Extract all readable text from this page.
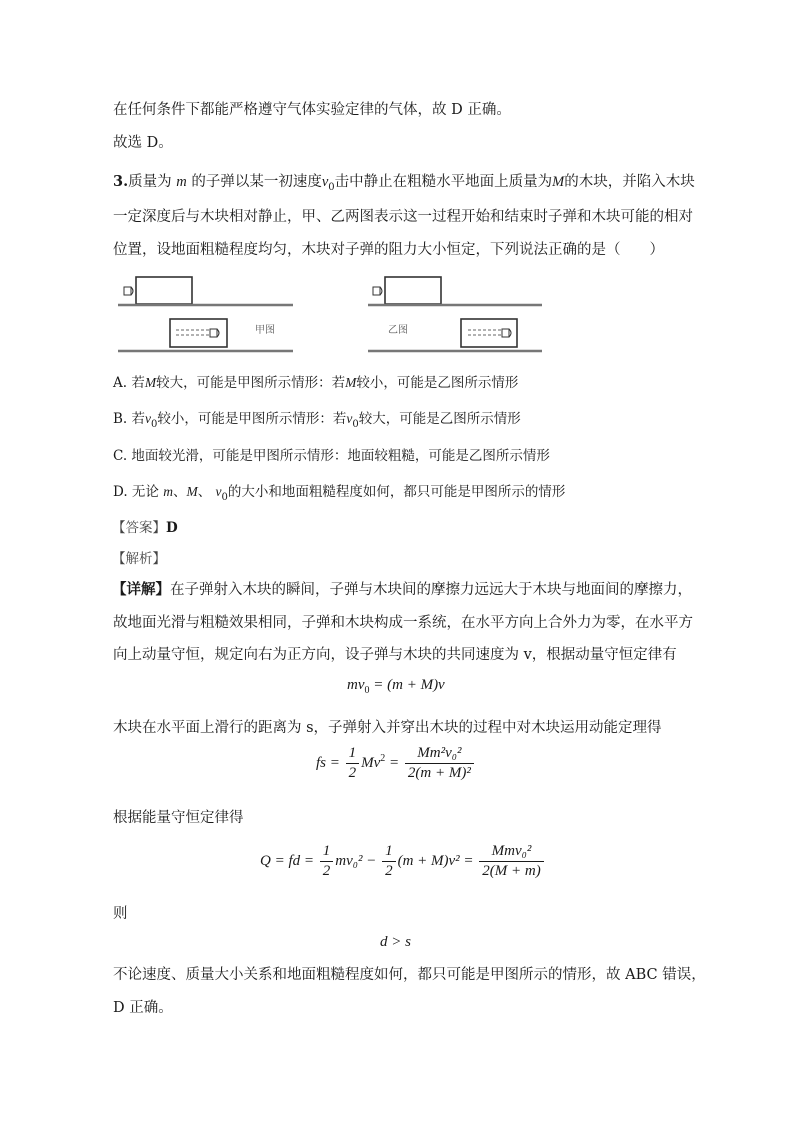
在任何条件下都能严格遵守气体实验定律的气体，故 D 正确。
故选 D。
3.质量为 m 的子弹以某一初速度$v_0$击中静止在粗糙水平地面上质量为M的木块，并陷入木块
一定深度后与木块相对静止，甲、乙两图表示这一过程开始和结束时子弹和木块可能的相对
位置，设地面粗糙程度均匀，木块对子弹的阻力大小恒定，下列说法正确的是（　　）
甲图	乙图
A. 若M较大，可能是甲图所示情形：若M较小，可能是乙图所示情形
B. 若$v_0$较小，可能是甲图所示情形：若$v_0$较大，可能是乙图所示情形
C. 地面较光滑，可能是甲图所示情形：地面较粗糙，可能是乙图所示情形
D. 无论 m、M、 $v_0$的大小和地面粗糙程度如何，都只可能是甲图所示的情形
【答案】D
【解析】
【详解】在子弹射入木块的瞬间，子弹与木块间的摩擦力远远大于木块与地面间的摩擦力，
故地面光滑与粗糙效果相同，子弹和木块构成一系统，在水平方向上合外力为零，在水平方
向上动量守恒，规定向右为正方向，设子弹与木块的共同速度为 v，根据动量守恒定律有
$mv_0 = (m + M)v$
木块在水平面上滑行的距离为 s，子弹射入并穿出木块的过程中对木块运用动能定理得
fs = $\frac{1}{2} Mv^2 = \frac{\text{Mm²v₀²}}{\text{2(m + M)²}}$
根据能量守恒定律得
Q = fd = $\frac{1}{2} mv_0^2 - \frac{1}{2} (m + M)v^2 = \frac{\text{Mmv₀²}}{2(M + m)}$
则
d > s
不论速度、质量大小关系和地面粗糙程度如何，都只可能是甲图所示的情形，故 ABC 错误，
D 正确。
